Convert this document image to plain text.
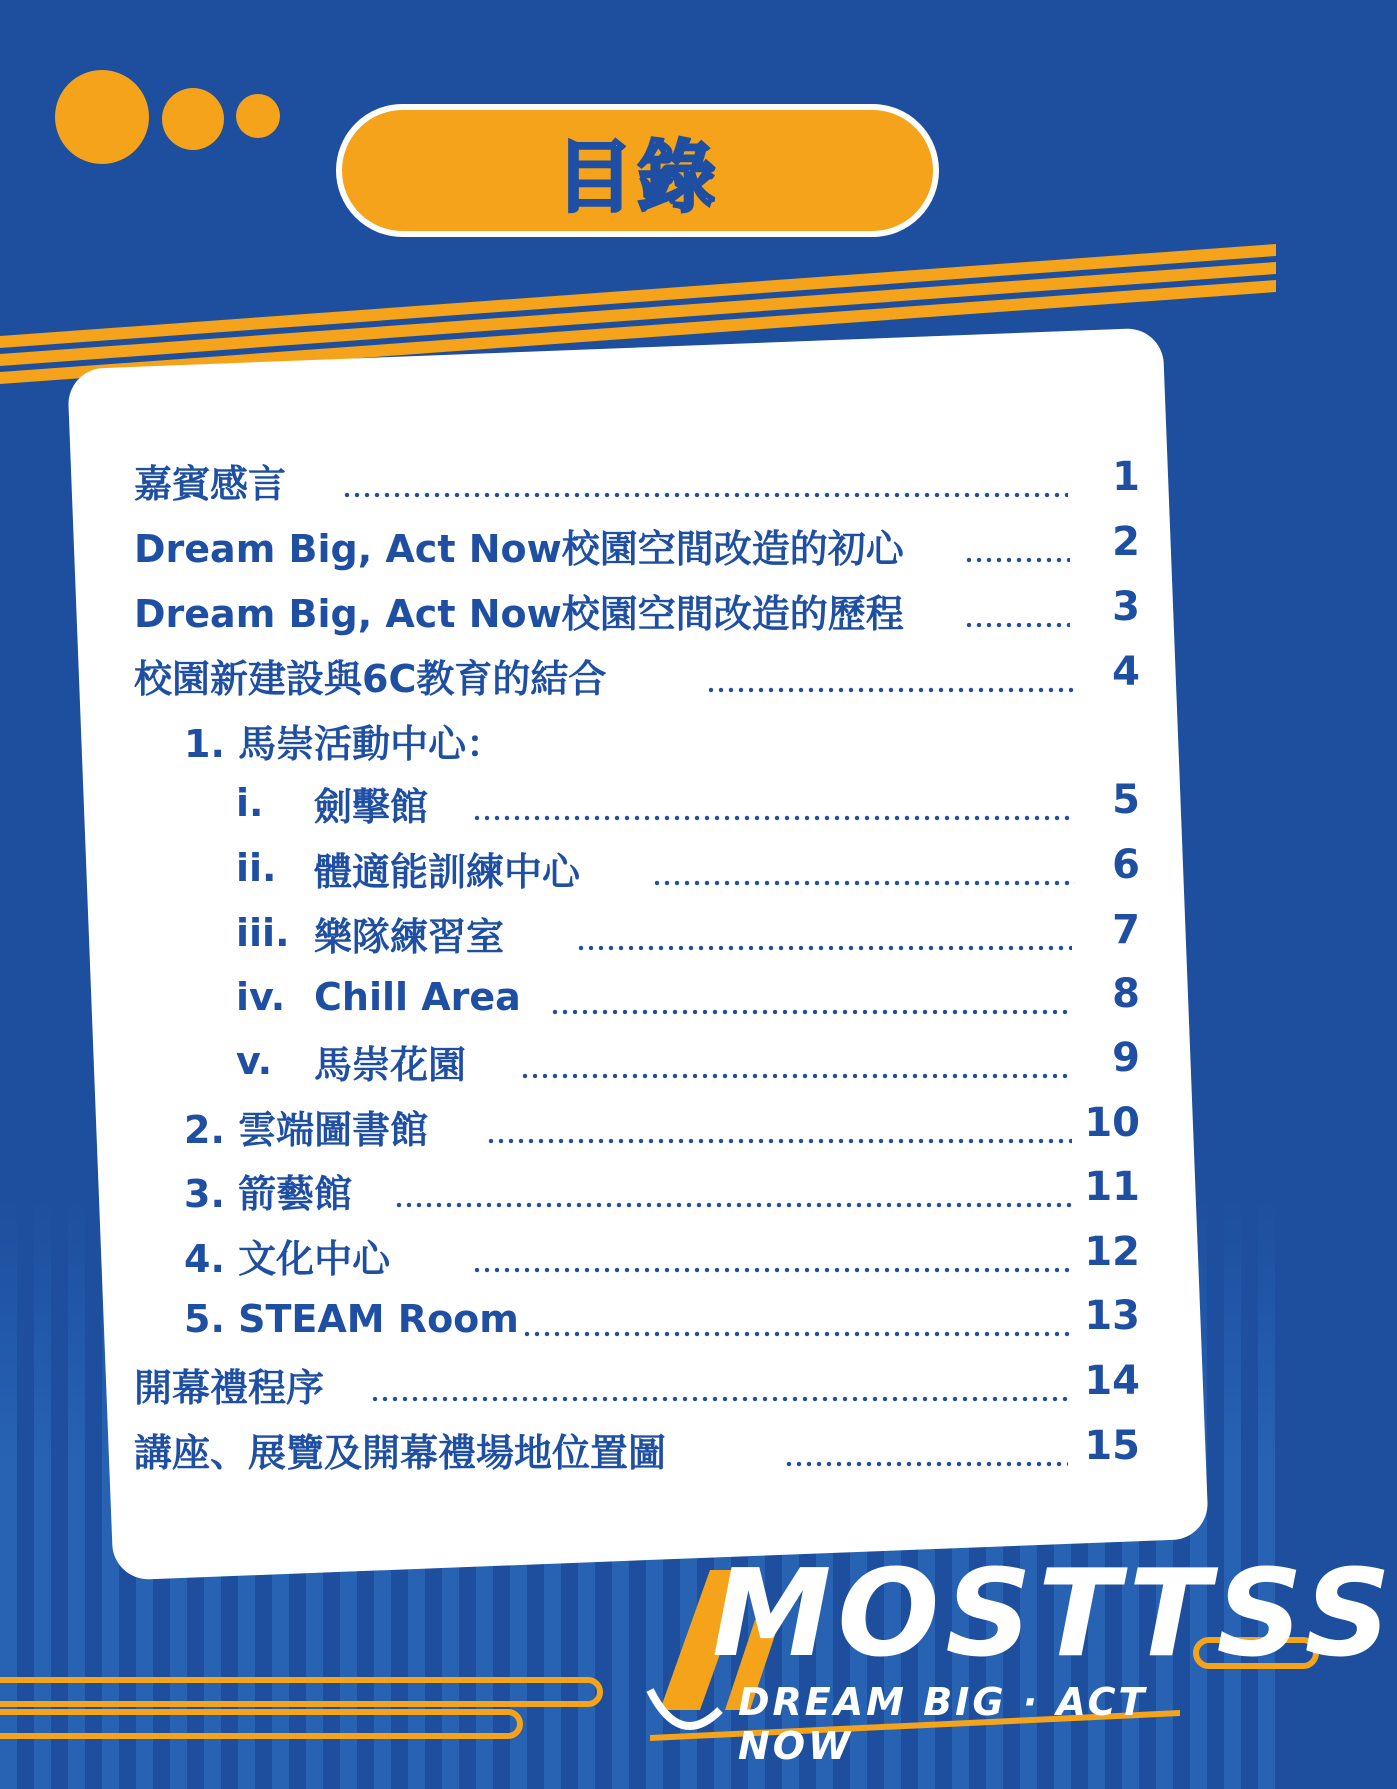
目錄
嘉賓感言	1
Dream Big, Act Now校園空間改造的初心	2
Dream Big, Act Now校園空間改造的歷程	3
校園新建設與6C教育的結合	4
1. 馬崇活動中心：
i.	劍擊館	5
ii. 體適能訓練中心	6
iii. 樂隊練習室	7
iv. Chill Area	8
v.	馬崇花園	9
2. 雲端圖書館	10
3. 箭藝館	11
4. 文化中心	12
5. STEAM Room	13
開幕禮程序	14
講座、展覽及開幕禮場地位置圖	15
MOSTTSS
DREAM BIG · ACT NOW
